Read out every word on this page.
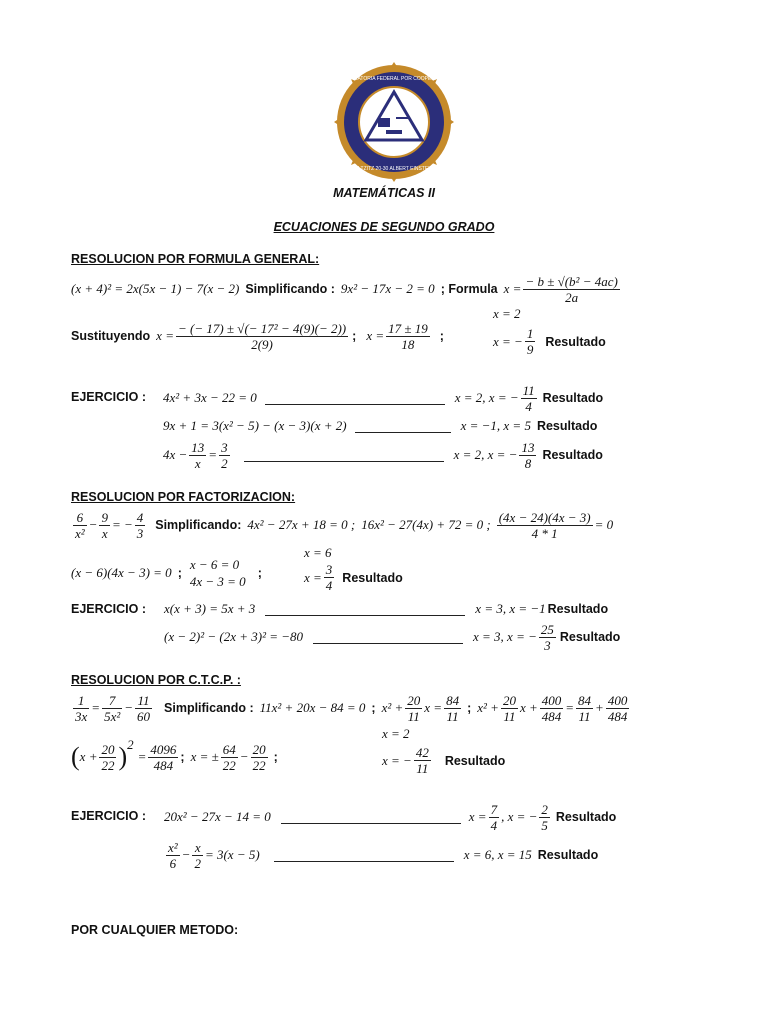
PREPARATORIA FEDERAL POR COOPERACION
ALTZITZ 20-30 ALBERT EINSTEIN
MATEMÁTICAS II
ECUACIONES DE SEGUNDO GRADO
RESOLUCION POR FORMULA GENERAL:
(x + 4)² = 2x(5x − 1) − 7(x − 2) Simplificando : 9x² − 17x − 2 = 0 ; Formula $x = \frac{\text{− b ± √(b² − 4ac)}}{2a}$
Sustituyendo $x = \frac{\text{− (− 17) ± √(− 17² − 4(9)(− 2))}}{2(9)}$ ; $x = \frac{17 \pm 19}{18}$ ;
x = 2
x = − $\frac{1}{9}$ Resultado
EJERCICIO : 4x² + 3x − 22 = 0	x = 2, x = − $\frac{11}{4}$ Resultado
9x + 1 = 3(x² − 5) − (x − 3)(x + 2)	x = −1, x = 5 Resultado
$4x - \frac{13}{x} = \frac{3}{2}$	x = 2, x = − $\frac{13}{8}$ Resultado
RESOLUCION POR FACTORIZACION:
$\frac{6}{\text{x²}} - \frac{9}{x}$ = − $\frac{4}{3}$ Simplificando: 4x² − 27x + 18 = 0 ; 16x² − 27(4x) + 72 = 0 ; $\frac{(4x - 24)(4x - 3)}{4 * 1} = 0$
(x − 6)(4x − 3) = 0 ;
x − 6 = 0
4x − 3 = 0
;
x = 6
$x = \frac{3}{4}$ Resultado
EJERCICIO : x(x + 3) = 5x + 3	x = 3, x = −1 Resultado
(x − 2)² − (2x + 3)² = −80	x = 3, x = − $\frac{25}{3}$ Resultado
RESOLUCION POR C.T.C.P. :
$\frac{1}{3x} = \frac{7}{\text{5x²}} - \frac{11}{60}$ Simplificando : 11x² + 20x − 84 = 0 ; $x^2 + \frac{20}{11}$ $x = \frac{84}{11}$ ; $x^2 + \frac{20}{11}$ $x + \frac{400}{484} = \frac{84}{11} + \frac{400}{484}$
( $x + \frac{20}{22} )^2$
= $\frac{4096}{484}$ ; x = ± $\frac{64}{22} - \frac{20}{22}$ ;
x = 2
x = − $\frac{42}{11}$ Resultado
EJERCICIO : 20x² − 27x − 14 = 0	$x = \frac{7}{4}$ , x = − $\frac{2}{5}$ Resultado
$\frac{\text{x²}}{6} - \frac{x}{2} = 3(x - 5)$	x = 6, x = 15 Resultado
POR CUALQUIER METODO:
